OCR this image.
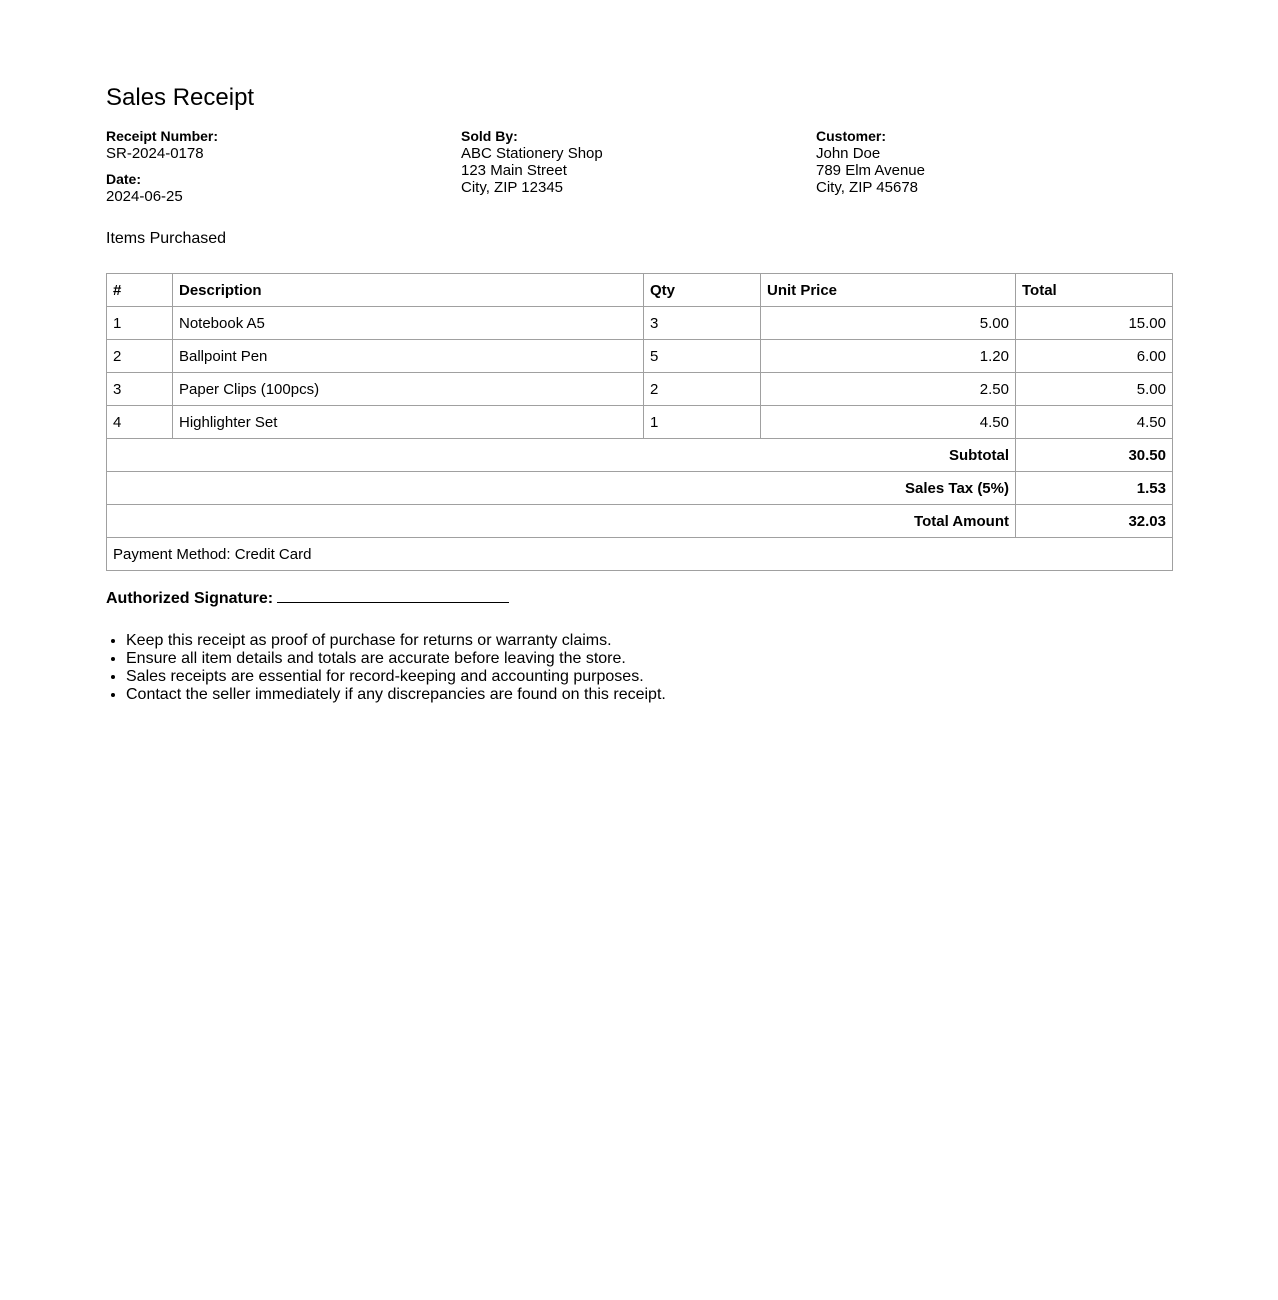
Sales Receipt
Receipt Number:
SR-2024-0178
Date:
2024-06-25
Sold By:
ABC Stationery Shop
123 Main Street
City, ZIP 12345
Customer:
John Doe
789 Elm Avenue
City, ZIP 45678
Items Purchased
#	Description	Qty	Unit Price	Total
1	Notebook A5	3	5.00	15.00
2	Ballpoint Pen	5	1.20	6.00
3	Paper Clips (100pcs)	2	2.50	5.00
4	Highlighter Set	1	4.50	4.50
Subtotal				30.50
Sales Tax (5%)				1.53
Total Amount				32.03
Payment Method: Credit Card				
Authorized Signature:
• Keep this receipt as proof of purchase for returns or warranty claims.
• Ensure all item details and totals are accurate before leaving the store.
• Sales receipts are essential for record-keeping and accounting purposes.
• Contact the seller immediately if any discrepancies are found on this receipt.
